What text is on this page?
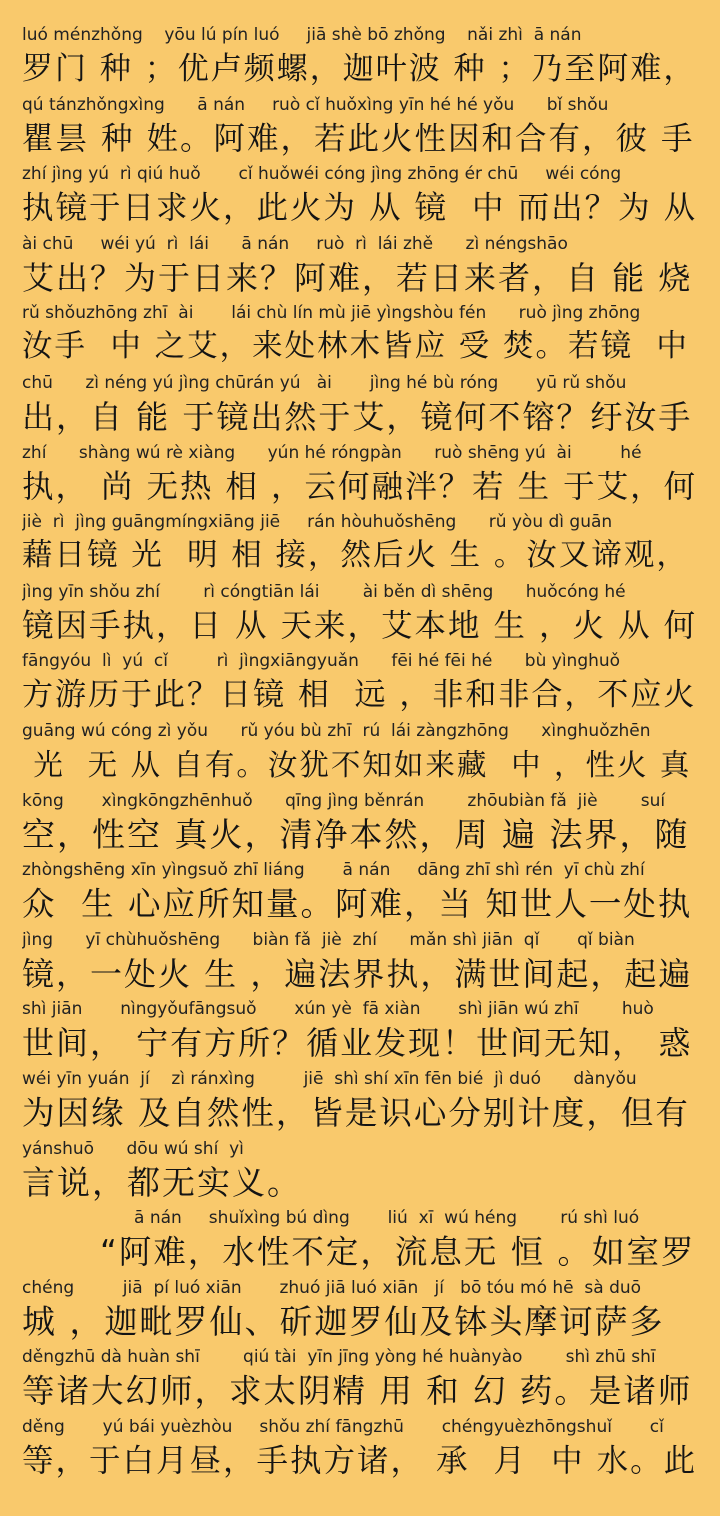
luó ménzhǒng    yōu lú pín luó     jiā shè bō zhǒng    nǎi zhì  ā nán
罗门 种 ；优卢频螺，迦叶波 种 ；乃至阿难，
qú tánzhǒngxìng      ā nán     ruò cǐ huǒxìng yīn hé hé yǒu      bǐ shǒu
瞿昙 种 姓。阿难，若此火性因和合有，彼 手
zhí jìng yú  rì qiú huǒ       cǐ huǒwéi cóng jìng zhōng ér chū     wéi cóng
执镜于日求火，此火为 从 镜  中 而出？为 从
ài chū     wéi yú  rì  lái      ā nán     ruò  rì  lái zhě      zì néngshāo
艾出？为于日来？阿难，若日来者，自 能 烧
rǔ shǒuzhōng zhī  ài       lái chù lín mù jiē yìngshòu fén      ruò jìng zhōng
汝手  中 之艾，来处林木皆应 受 焚。若镜  中
chū      zì néng yú jìng chūrán yú   ài       jìng hé bù róng       yū rǔ shǒu
出，自 能 于镜出然于艾，镜何不镕？纡汝手
zhí      shàng wú rè xiàng      yún hé róngpàn      ruò shēng yú  ài         hé
执， 尚 无热 相 ，云何融泮？若 生 于艾，何
jiè  rì  jìng guāngmíngxiāng jiē     rán hòuhuǒshēng      rǔ yòu dì guān
藉日镜 光  明 相 接，然后火 生 。汝又谛观，
jìng yīn shǒu zhí        rì cóngtiān lái        ài běn dì shēng      huǒcóng hé
镜因手执，日 从 天来，艾本地 生 ，火 从 何
fāngyóu  lì  yú  cǐ         rì  jìngxiāngyuǎn      fēi hé fēi hé      bù yìnghuǒ
方游历于此？日镜 相  远 ，非和非合，不应火
guāng wú cóng zì yǒu      rǔ yóu bù zhī  rú  lái zàngzhōng      xìnghuǒzhēn
光  无 从 自有。汝犹不知如来藏  中 ，性火 真
kōng       xìngkōngzhēnhuǒ      qīng jìng běnrán        zhōubiàn fǎ  jiè        suí
空，性空 真火，清净本然，周 遍 法界，随
zhòngshēng xīn yìngsuǒ zhī liáng       ā nán     dāng zhī shì rén  yī chù zhí
众  生 心应所知量。阿难，当 知世人一处执
jìng      yī chùhuǒshēng      biàn fǎ  jiè  zhí      mǎn shì jiān  qǐ       qǐ biàn
镜，一处火 生 ，遍法界执，满世间起，起遍
shì jiān       nìngyǒufāngsuǒ       xún yè  fā xiàn       shì jiān wú zhī        huò
世间， 宁有方所？循业发现！世间无知， 惑
wéi yīn yuán  jí    zì ránxìng         jiē  shì shí xīn fēn bié  jì duó      dànyǒu
为因缘 及自然性，皆是识心分别计度，但有
yánshuō      dōu wú shí  yì
言说，都无实义。
ā nán     shuǐxìng bú dìng       liú  xī  wú héng        rú shì luó
“阿难，水性不定，流息无 恒 。如室罗
chéng         jiā  pí luó xiān       zhuó jiā luó xiān   jí   bō tóu mó hē  sà duō
城 ，迦毗罗仙、斫迦罗仙及钵头摩诃萨多
děngzhū dà huàn shī        qiú tài  yīn jīng yòng hé huànyào        shì zhū shī
等诸大幻师，求太阴精 用 和 幻 药。是诸师
děng       yú bái yuèzhòu     shǒu zhí fāngzhū       chéngyuèzhōngshuǐ       cǐ
等，于白月昼，手执方诸， 承  月  中 水。此
